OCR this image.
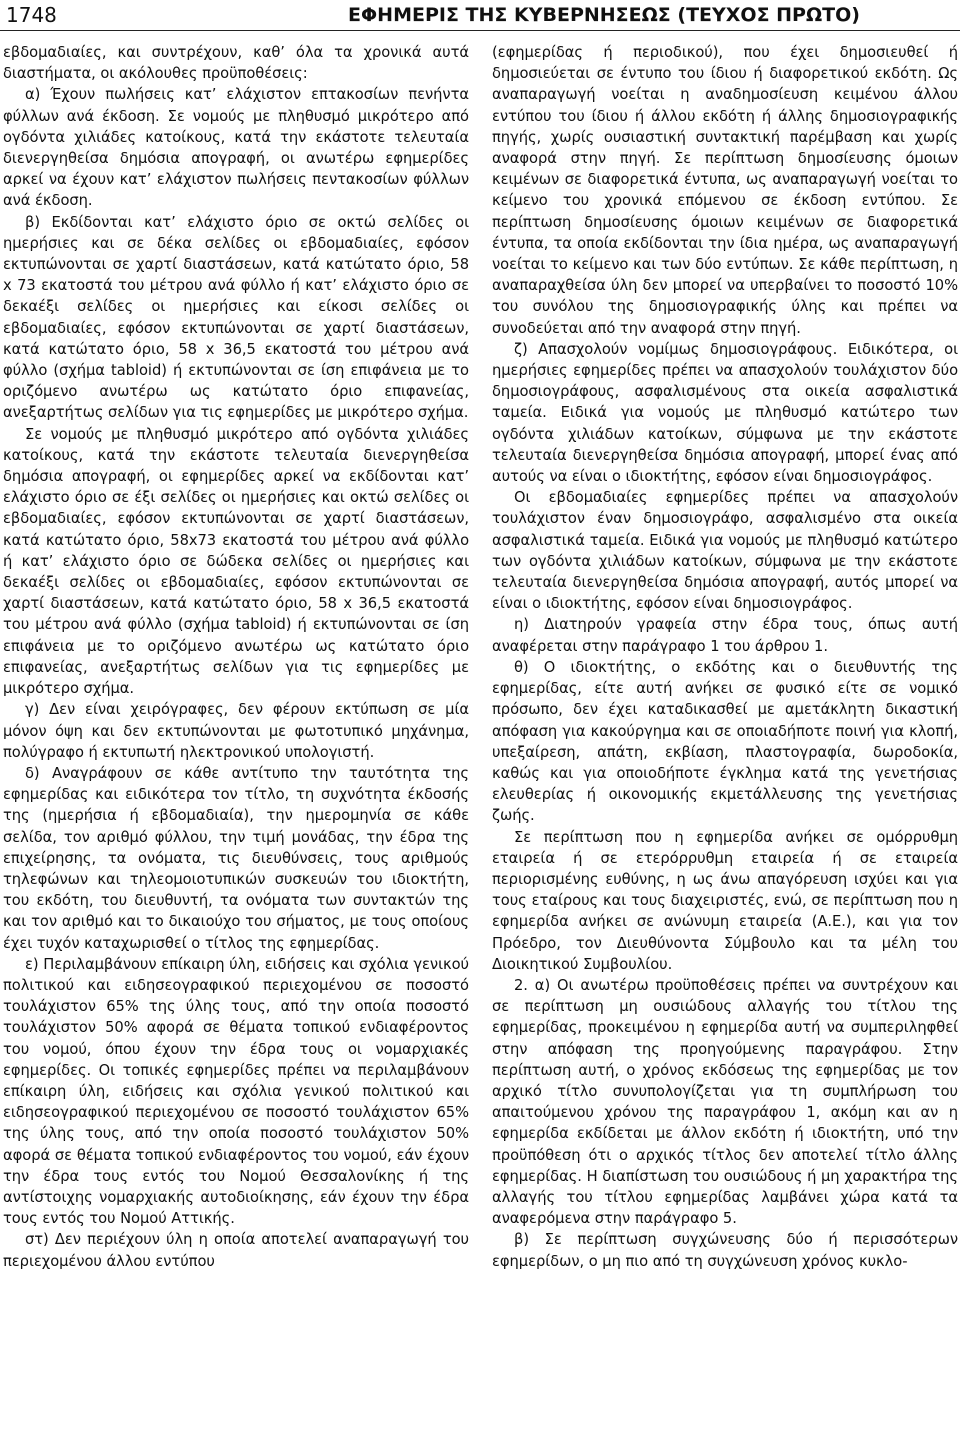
1748	ΕΦΗΜΕΡΙΣ ΤΗΣ ΚΥΒΕΡΝΗΣΕΩΣ (ΤΕΥΧΟΣ ΠΡΩΤΟ)

εβδομαδιαίες, και συντρέχουν, καθ’ όλα τα χρονικά αυτά διαστήματα, οι ακόλουθες προϋποθέσεις:

α) Έχουν πωλήσεις κατ’ ελάχιστον επτακοσίων πενήντα φύλλων ανά έκδοση. Σε νομούς με πληθυσμό μικρότερο από ογδόντα χιλιάδες κατοίκους, κατά την εκάστοτε τελευταία διενεργηθείσα δημόσια απογραφή, οι ανωτέρω εφημερίδες αρκεί να έχουν κατ’ ελάχιστον πωλήσεις πεντακοσίων φύλλων ανά έκδοση.

β) Εκδίδονται κατ’ ελάχιστο όριο σε οκτώ σελίδες οι ημερήσιες και σε δέκα σελίδες οι εβδομαδιαίες, εφόσον εκτυπώνονται σε χαρτί διαστάσεων, κατά κατώτατο όριο, 58 x 73 εκατοστά του μέτρου ανά φύλλο ή κατ’ ελάχιστο όριο σε δεκαέξι σελίδες οι ημερήσιες και είκοσι σελίδες οι εβδομαδιαίες, εφόσον εκτυπώνονται σε χαρτί διαστάσεων, κατά κατώτατο όριο, 58 x 36,5 εκατοστά του μέτρου ανά φύλλο (σχήμα tabloid) ή εκτυπώνονται σε ίση επιφάνεια με το οριζόμενο ανωτέρω ως κατώτατο όριο επιφανείας, ανεξαρτήτως σελίδων για τις εφημερίδες με μικρότερο σχήμα.

Σε νομούς με πληθυσμό μικρότερο από ογδόντα χιλιάδες κατοίκους, κατά την εκάστοτε τελευταία διενεργηθείσα δημόσια απογραφή, οι εφημερίδες αρκεί να εκδίδονται κατ’ ελάχιστο όριο σε έξι σελίδες οι ημερήσιες και οκτώ σελίδες οι εβδομαδιαίες, εφόσον εκτυπώνονται σε χαρτί διαστάσεων, κατά κατώτατο όριο, 58x73 εκατοστά του μέτρου ανά φύλλο ή κατ’ ελάχιστο όριο σε δώδεκα σελίδες οι ημερήσιες και δεκαέξι σελίδες οι εβδομαδιαίες, εφόσον εκτυπώνονται σε χαρτί διαστάσεων, κατά κατώτατο όριο, 58 x 36,5 εκατοστά του μέτρου ανά φύλλο (σχήμα tabloid) ή εκτυπώνονται σε ίση επιφάνεια με το οριζόμενο ανωτέρω ως κατώτατο όριο επιφανείας, ανεξαρτήτως σελίδων για τις εφημερίδες με μικρότερο σχήμα.

γ) Δεν είναι χειρόγραφες, δεν φέρουν εκτύπωση σε μία μόνον όψη και δεν εκτυπώνονται με φωτοτυπικό μηχάνημα, πολύγραφο ή εκτυπωτή ηλεκτρονικού υπολογιστή.

δ) Αναγράφουν σε κάθε αντίτυπο την ταυτότητα της εφημερίδας και ειδικότερα τον τίτλο, τη συχνότητα έκδοσής της (ημερήσια ή εβδομαδιαία), την ημερομηνία σε κάθε σελίδα, τον αριθμό φύλλου, την τιμή μονάδας, την έδρα της επιχείρησης, τα ονόματα, τις διευθύνσεις, τους αριθμούς τηλεφώνων και τηλεομοιοτυπικών συσκευών του ιδιοκτήτη, του εκδότη, του διευθυντή, τα ονόματα των συντακτών της και τον αριθμό και το δικαιούχο του σήματος, με τους οποίους έχει τυχόν καταχωρισθεί ο τίτλος της εφημερίδας.

ε) Περιλαμβάνουν επίκαιρη ύλη, ειδήσεις και σχόλια γενικού πολιτικού και ειδησεογραφικού περιεχομένου σε ποσοστό τουλάχιστον 65% της ύλης τους, από την οποία ποσοστό τουλάχιστον 50% αφορά σε θέματα τοπικού ενδιαφέροντος του νομού, όπου έχουν την έδρα τους οι νομαρχιακές εφημερίδες. Οι τοπικές εφημερίδες πρέπει να περιλαμβάνουν επίκαιρη ύλη, ειδήσεις και σχόλια γενικού πολιτικού και ειδησεογραφικού περιεχομένου σε ποσοστό τουλάχιστον 65% της ύλης τους, από την οποία ποσοστό τουλάχιστον 50% αφορά σε θέματα τοπικού ενδιαφέροντος του νομού, εάν έχουν την έδρα τους εντός του Νομού Θεσσαλονίκης ή της αντίστοιχης νομαρχιακής αυτοδιοίκησης, εάν έχουν την έδρα τους εντός του Νομού Αττικής.

στ) Δεν περιέχουν ύλη η οποία αποτελεί αναπαραγωγή του περιεχομένου άλλου εντύπου

(εφημερίδας ή περιοδικού), που έχει δημοσιευθεί ή δημοσιεύεται σε έντυπο του ίδιου ή διαφορετικού εκδότη. Ως αναπαραγωγή νοείται η αναδημοσίευση κειμένου άλλου εντύπου του ίδιου ή άλλου εκδότη ή άλλης δημοσιογραφικής πηγής, χωρίς ουσιαστική συντακτική παρέμβαση και χωρίς αναφορά στην πηγή. Σε περίπτωση δημοσίευσης όμοιων κειμένων σε διαφορετικά έντυπα, ως αναπαραγωγή νοείται το κείμενο του χρονικά επόμενου σε έκδοση εντύπου. Σε περίπτωση δημοσίευσης όμοιων κειμένων σε διαφορετικά έντυπα, τα οποία εκδίδονται την ίδια ημέρα, ως αναπαραγωγή νοείται το κείμενο και των δύο εντύπων. Σε κάθε περίπτωση, η αναπαραχθείσα ύλη δεν μπορεί να υπερβαίνει το ποσοστό 10% του συνόλου της δημοσιογραφικής ύλης και πρέπει να συνοδεύεται από την αναφορά στην πηγή.

ζ) Απασχολούν νομίμως δημοσιογράφους. Ειδικότερα, οι ημερήσιες εφημερίδες πρέπει να απασχολούν τουλάχιστον δύο δημοσιογράφους, ασφαλισμένους στα οικεία ασφαλιστικά ταμεία. Ειδικά για νομούς με πληθυσμό κατώτερο των ογδόντα χιλιάδων κατοίκων, σύμφωνα με την εκάστοτε τελευταία διενεργηθείσα δημόσια απογραφή, μπορεί ένας από αυτούς να είναι ο ιδιοκτήτης, εφόσον είναι δημοσιογράφος.

Οι εβδομαδιαίες εφημερίδες πρέπει να απασχολούν τουλάχιστον έναν δημοσιογράφο, ασφαλισμένο στα οικεία ασφαλιστικά ταμεία. Ειδικά για νομούς με πληθυσμό κατώτερο των ογδόντα χιλιάδων κατοίκων, σύμφωνα με την εκάστοτε τελευταία διενεργηθείσα δημόσια απογραφή, αυτός μπορεί να είναι ο ιδιοκτήτης, εφόσον είναι δημοσιογράφος.

η) Διατηρούν γραφεία στην έδρα τους, όπως αυτή αναφέρεται στην παράγραφο 1 του άρθρου 1.

θ) Ο ιδιοκτήτης, ο εκδότης και ο διευθυντής της εφημερίδας, είτε αυτή ανήκει σε φυσικό είτε σε νομικό πρόσωπο, δεν έχει καταδικασθεί με αμετάκλητη δικαστική απόφαση για κακούργημα και σε οποιαδήποτε ποινή για κλοπή, υπεξαίρεση, απάτη, εκβίαση, πλαστογραφία, δωροδοκία, καθώς και για οποιοδήποτε έγκλημα κατά της γενετήσιας ελευθερίας ή οικονομικής εκμετάλλευσης της γενετήσιας ζωής.

Σε περίπτωση που η εφημερίδα ανήκει σε ομόρρυθμη εταιρεία ή σε ετερόρρυθμη εταιρεία ή σε εταιρεία περιορισμένης ευθύνης, η ως άνω απαγόρευση ισχύει και για τους εταίρους και τους διαχειριστές, ενώ, σε περίπτωση που η εφημερίδα ανήκει σε ανώνυμη εταιρεία (Α.Ε.), και για τον Πρόεδρο, τον Διευθύνοντα Σύμβουλο και τα μέλη του Διοικητικού Συμβουλίου.

2. α) Οι ανωτέρω προϋποθέσεις πρέπει να συντρέχουν και σε περίπτωση μη ουσιώδους αλλαγής του τίτλου της εφημερίδας, προκειμένου η εφημερίδα αυτή να συμπεριληφθεί στην απόφαση της προηγούμενης παραγράφου. Στην περίπτωση αυτή, ο χρόνος εκδόσεως της εφημερίδας με τον αρχικό τίτλο συνυπολογίζεται για τη συμπλήρωση του απαιτούμενου χρόνου της παραγράφου 1, ακόμη και αν η εφημερίδα εκδίδεται με άλλον εκδότη ή ιδιοκτήτη, υπό την προϋπόθεση ότι ο αρχικός τίτλος δεν αποτελεί τίτλο άλλης εφημερίδας. Η διαπίστωση του ουσιώδους ή μη χαρακτήρα της αλλαγής του τίτλου εφημερίδας λαμβάνει χώρα κατά τα αναφερόμενα στην παράγραφο 5.

β) Σε περίπτωση συγχώνευσης δύο ή περισσότερων εφημερίδων, ο μη πιο από τη συγχώνευση χρόνος κυκλο-
